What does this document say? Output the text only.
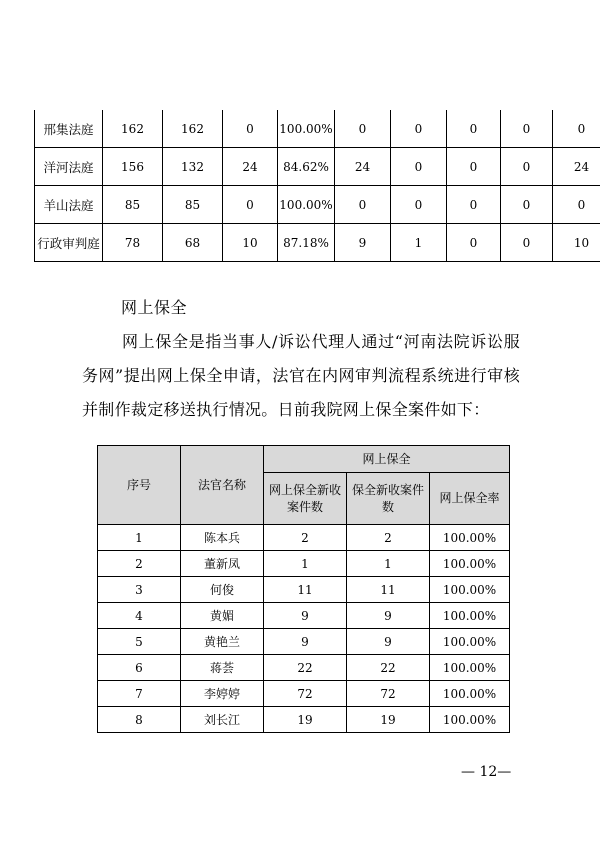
邢集法庭	162	162	0	100.00%	0	0	0	0	0
洋河法庭	156	132	24	84.62%	24	0	0	0	24
羊山法庭	85	85	0	100.00%	0	0	0	0	0
行政审判庭	78	68	10	87.18%	9	1	0	0	10
网上保全
网上保全是指当事人/诉讼代理人通过“河南法院诉讼服务网”提出网上保全申请，法官在内网审判流程系统进行审核并制作裁定移送执行情况。日前我院网上保全案件如下：
序号	法官名称	网上保全		
		网上保全新收案件数	保全新收案件数	网上保全率
1	陈本兵	2	2	100.00%
2	董新凤	1	1	100.00%
3	何俊	11	11	100.00%
4	黄媚	9	9	100.00%
5	黄艳兰	9	9	100.00%
6	蒋荟	22	22	100.00%
7	李婷婷	72	72	100.00%
8	刘长江	19	19	100.00%
— 12—
